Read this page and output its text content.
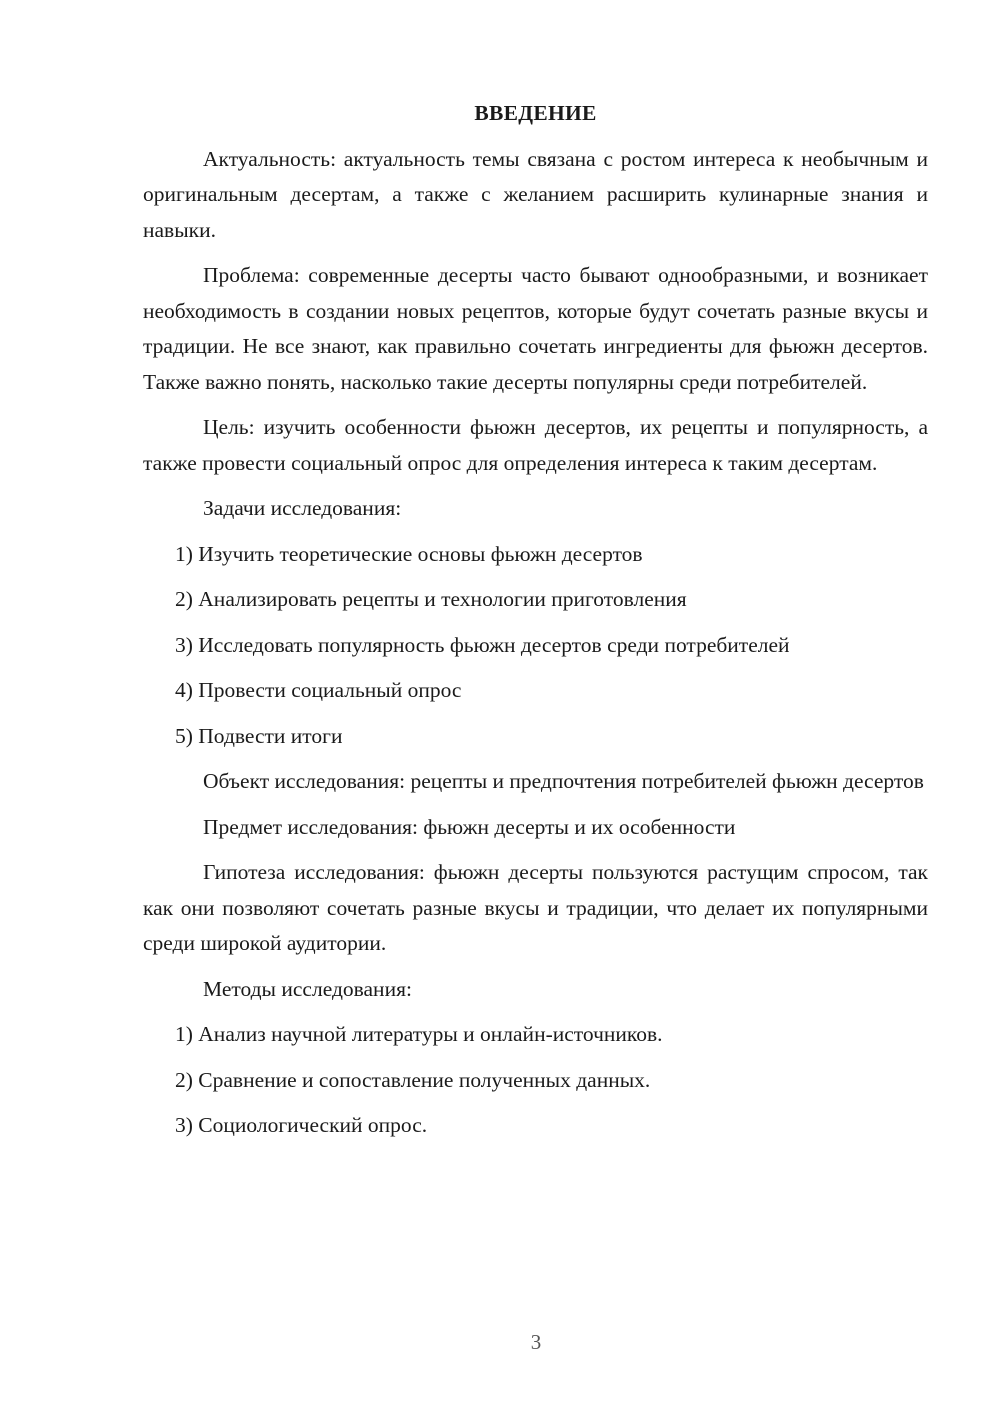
ВВЕДЕНИЕ

Актуальность: актуальность темы связана с ростом интереса к необычным и оригинальным десертам, а также с желанием расширить кулинарные знания и навыки.

Проблема: современные десерты часто бывают однообразными, и возникает необходимость в создании новых рецептов, которые будут сочетать разные вкусы и традиции. Не все знают, как правильно сочетать ингредиенты для фьюжн десертов. Также важно понять, насколько такие десерты популярны среди потребителей.

Цель: изучить особенности фьюжн десертов, их рецепты и популярность, а также провести социальный опрос для определения интереса к таким десертам.

Задачи исследования:
1) Изучить теоретические основы фьюжн десертов
2) Анализировать рецепты и технологии приготовления
3) Исследовать популярность фьюжн десертов среди потребителей
4) Провести социальный опрос
5) Подвести итоги

Объект исследования: рецепты и предпочтения потребителей фьюжн десертов

Предмет исследования: фьюжн десерты и их особенности

Гипотеза исследования: фьюжн десерты пользуются растущим спросом, так как они позволяют сочетать разные вкусы и традиции, что делает их популярными среди широкой аудитории.

Методы исследования:
1) Анализ научной литературы и онлайн-источников.
2) Сравнение и сопоставление полученных данных.
3) Социологический опрос.
3
